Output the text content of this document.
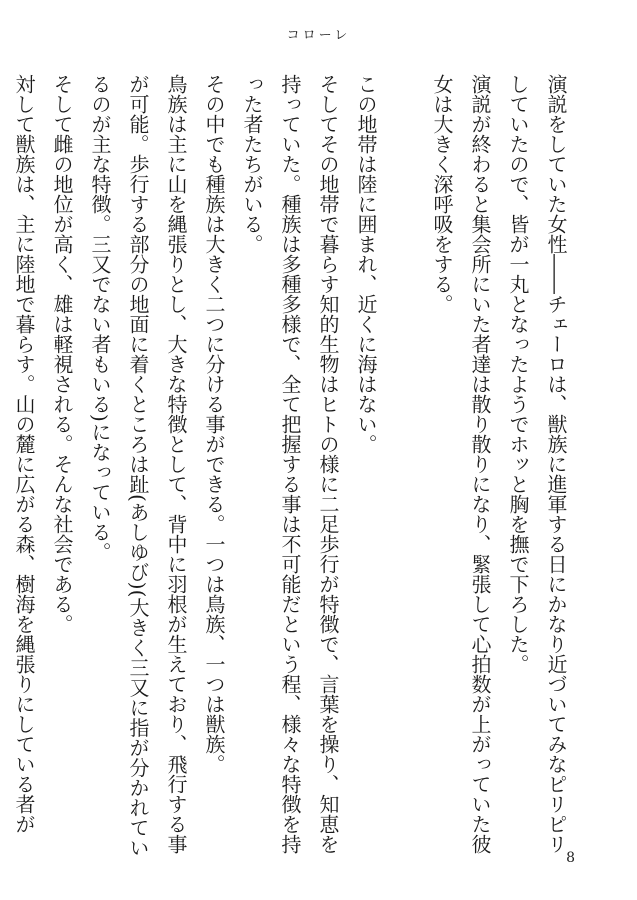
コローレ

演説をしていた女性――チェーロは、獣族に進軍する日にかなり近づいてみなピリピリしていたので、皆が一丸となったようでホッと胸を撫で下ろした。

演説が終わると集会所にいた者達は散り散りになり、緊張して心拍数が上がっていた彼女は大きく深呼吸をする。

この地帯は陸に囲まれ、近くに海はない。

そしてその地帯で暮らす知的生物はヒトの様に二足歩行が特徴で、言葉を操り、知恵を持っていた。種族は多種多様で、全て把握する事は不可能だという程、様々な特徴を持った者たちがいる。

その中でも種族は大きく二つに分ける事ができる。一つは鳥族、一つは獣族。

鳥族は主に山を縄張りとし、大きな特徴として、背中に羽根が生えており、飛行する事が可能。歩行する部分の地面に着くところは趾(あしゆび)(大きく三又に指が分かれているのが主な特徴。三又でない者もいる)になっている。

そして雌の地位が高く、雄は軽視される。そんな社会である。

対して獣族は、主に陸地で暮らす。山の麓に広がる森、樹海を縄張りにしている者が

8
